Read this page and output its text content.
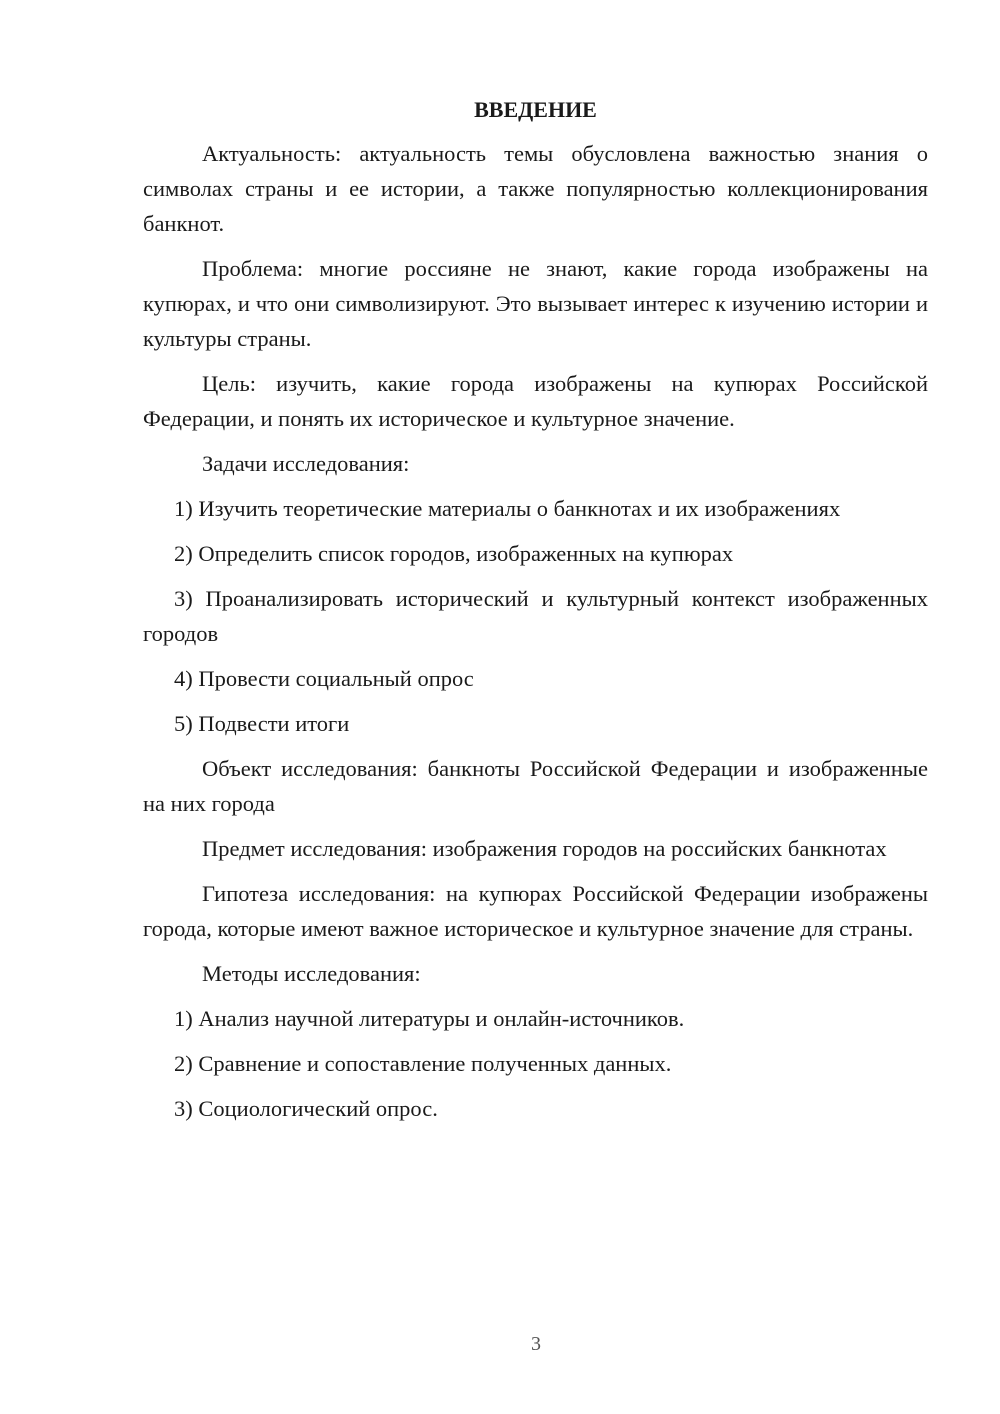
ВВЕДЕНИЕ
Актуальность: актуальность темы обусловлена важностью знания о символах страны и ее истории, а также популярностью коллекционирования банкнот.
Проблема: многие россияне не знают, какие города изображены на купюрах, и что они символизируют. Это вызывает интерес к изучению истории и культуры страны.
Цель: изучить, какие города изображены на купюрах Российской Федерации, и понять их историческое и культурное значение.
Задачи исследования:
1) Изучить теоретические материалы о банкнотах и их изображениях
2) Определить список городов, изображенных на купюрах
3) Проанализировать исторический и культурный контекст изображенных городов
4) Провести социальный опрос
5) Подвести итоги
Объект исследования: банкноты Российской Федерации и изображенные на них города
Предмет исследования: изображения городов на российских банкнотах
Гипотеза исследования: на купюрах Российской Федерации изображены города, которые имеют важное историческое и культурное значение для страны.
Методы исследования:
1) Анализ научной литературы и онлайн-источников.
2) Сравнение и сопоставление полученных данных.
3) Социологический опрос.
3
